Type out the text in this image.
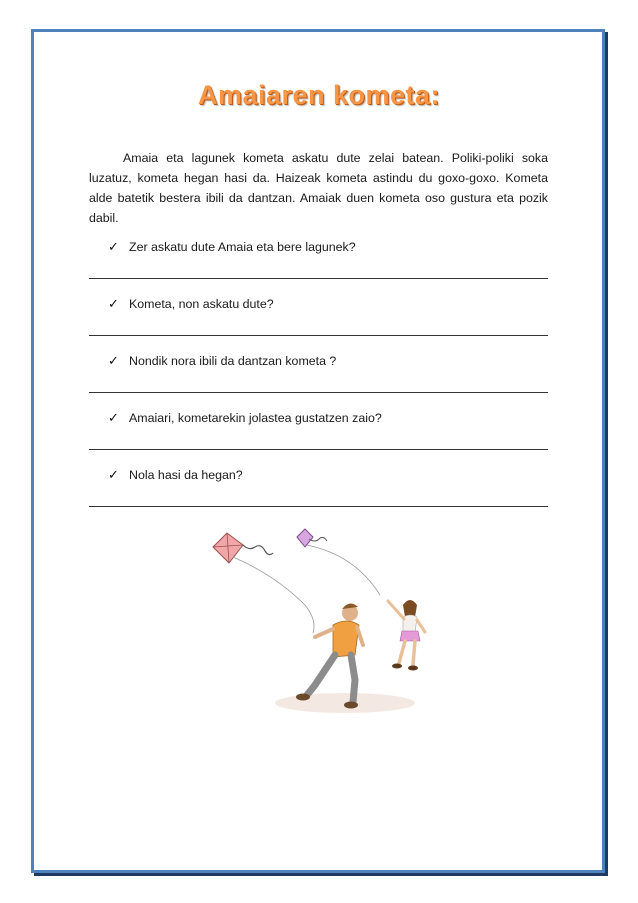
Amaiaren kometa:

Amaia eta lagunek kometa askatu dute zelai batean. Poliki-poliki soka luzatuz, kometa hegan hasi da. Haizeak kometa astindu du goxo-goxo. Kometa alde batetik bestera ibili da dantzan. Amaiak duen kometa oso gustura eta pozik dabil.

✓ Zer askatu dute Amaia eta bere lagunek?
✓ Kometa, non askatu dute?
✓ Nondik nora ibili da dantzan kometa ?
✓ Amaiari, kometarekin jolastea gustatzen zaio?
✓ Nola hasi da hegan?
